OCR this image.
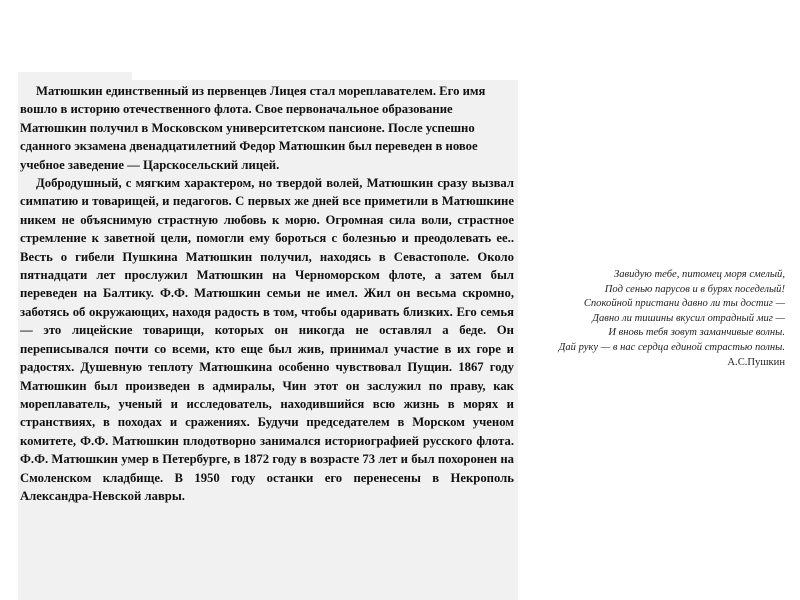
Матюшкин единственный из первенцев Лицея стал мореплавателем. Его имя вошло в историю отечественного флота. Свое первоначальное образование Матюшкин получил в Московском университетском пансионе. После успешно сданного экзамена двенадцатилетний Федор Матюшкин был переведен в новое учебное заведение — Царскосельский лицей.

Добродушный, с мягким характером, но твердой волей, Матюшкин сразу вызвал симпатию и товарищей, и педагогов. С первых же дней все приметили в Матюшкине никем не объяснимую страстную любовь к морю. Огромная сила воли, страстное стремление к заветной цели, помогли ему бороться с болезнью и преодолевать ее.. Весть о гибели Пушкина Матюшкин получил, находясь в Севастополе. Около пятнадцати лет прослужил Матюшкин на Черноморском флоте, а затем был переведен на Балтику. Ф.Ф. Матюшкин семьи не имел. Жил он весьма скромно, заботясь об окружающих, находя радость в том, чтобы одаривать близких. Его семья — это лицейские товарищи, которых он никогда не оставлял а беде. Он переписывался почти со всеми, кто еще был жив, принимал участие в их горе и радостях. Душевную теплоту Матюшкина особенно чувствовал Пущин. 1867 году Матюшкин был произведен в адмиралы, Чин этот он заслужил по праву, как мореплаватель, ученый и исследователь, находившийся всю жизнь в морях и странствиях, в походах и сражениях. Будучи председателем в Морском ученом комитете, Ф.Ф. Матюшкин плодотворно занимался историографией русского флота. Ф.Ф. Матюшкин умер в Петербурге, в 1872 году в возрасте 73 лет и был похоронен на Смоленском кладбище. В 1950 году останки его перенесены в Некрополь Александра-Невской лавры.

Завидую тебе, питомец моря смелый,
Под сенью парусов и в бурях поседелый!
Спокойной пристани давно ли ты достиг —
Давно ли тишины вкусил отрадный миг —
И вновь тебя зовут заманчивые волны.
Дай руку — в нас сердца единой страстью полны.
А.С.Пушкин
